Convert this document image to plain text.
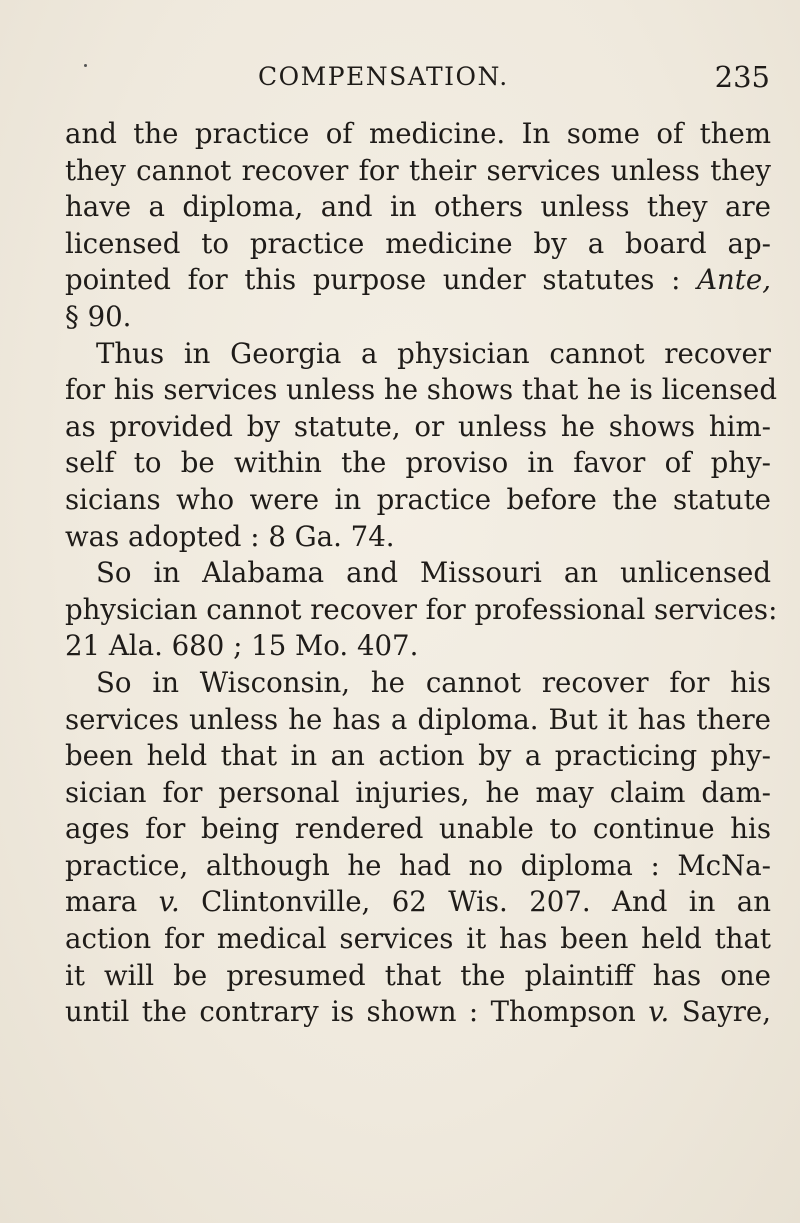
COMPENSATION.	235
and the practice of medicine. In some of them
they cannot recover for their services unless they
have a diploma, and in others unless they are
licensed to practice medicine by a board ap-
pointed for this purpose under statutes : Ante,
§ 90.
Thus in Georgia a physician cannot recover
for his services unless he shows that he is licensed
as provided by statute, or unless he shows him-
self to be within the proviso in favor of phy-
sicians who were in practice before the statute
was adopted : 8 Ga. 74.
So in Alabama and Missouri an unlicensed
physician cannot recover for professional services:
21 Ala. 680 ; 15 Mo. 407.
So in Wisconsin, he cannot recover for his
services unless he has a diploma. But it has there
been held that in an action by a practicing phy-
sician for personal injuries, he may claim dam-
ages for being rendered unable to continue his
practice, although he had no diploma : McNa-
mara v. Clintonville, 62 Wis. 207. And in an
action for medical services it has been held that
it will be presumed that the plaintiff has one
until the contrary is shown : Thompson v. Sayre,
